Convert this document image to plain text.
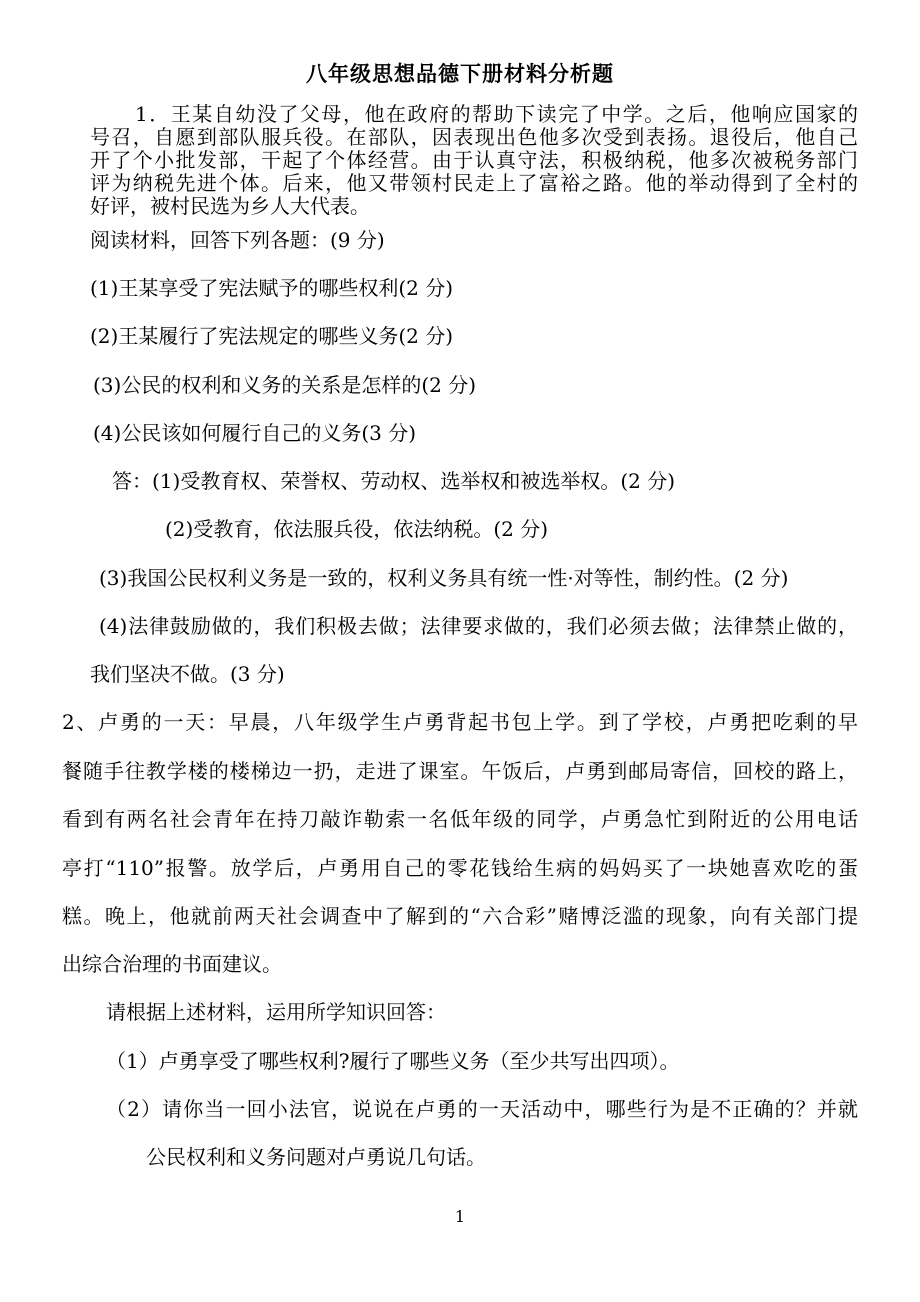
八年级思想品德下册材料分析题
1．王某自幼没了父母，他在政府的帮助下读完了中学。之后，他响应国家的
号召，自愿到部队服兵役。在部队，因表现出色他多次受到表扬。退役后，他自己
开了个小批发部，干起了个体经营。由于认真守法，积极纳税，他多次被税务部门
评为纳税先进个体。后来，他又带领村民走上了富裕之路。他的举动得到了全村的
好评，被村民选为乡人大代表。
阅读材料，回答下列各题：(9 分)
(1)王某享受了宪法赋予的哪些权利(2 分)
(2)王某履行了宪法规定的哪些义务(2 分)
(3)公民的权利和义务的关系是怎样的(2 分)
(4)公民该如何履行自己的义务(3 分)
答：(1)受教育权、荣誉权、劳动权、选举权和被选举权。(2 分)
(2)受教育，依法服兵役，依法纳税。(2 分)
(3)我国公民权利义务是一致的，权利义务具有统一性·对等性，制约性。(2 分)
(4)法律鼓励做的，我们积极去做；法律要求做的，我们必须去做；法律禁止做的，
我们坚决不做。(3 分)
2、卢勇的一天：早晨，八年级学生卢勇背起书包上学。到了学校，卢勇把吃剩的早
餐随手往教学楼的楼梯边一扔，走进了课室。午饭后，卢勇到邮局寄信，回校的路上，
看到有两名社会青年在持刀敲诈勒索一名低年级的同学，卢勇急忙到附近的公用电话
亭打“110”报警。放学后，卢勇用自己的零花钱给生病的妈妈买了一块她喜欢吃的蛋
糕。晚上，他就前两天社会调查中了解到的“六合彩”赌博泛滥的现象，向有关部门提
出综合治理的书面建议。
请根据上述材料，运用所学知识回答：
（1）卢勇享受了哪些权利?履行了哪些义务（至少共写出四项）。
（2）请你当一回小法官，说说在卢勇的一天活动中，哪些行为是不正确的？并就
公民权利和义务问题对卢勇说几句话。
1
